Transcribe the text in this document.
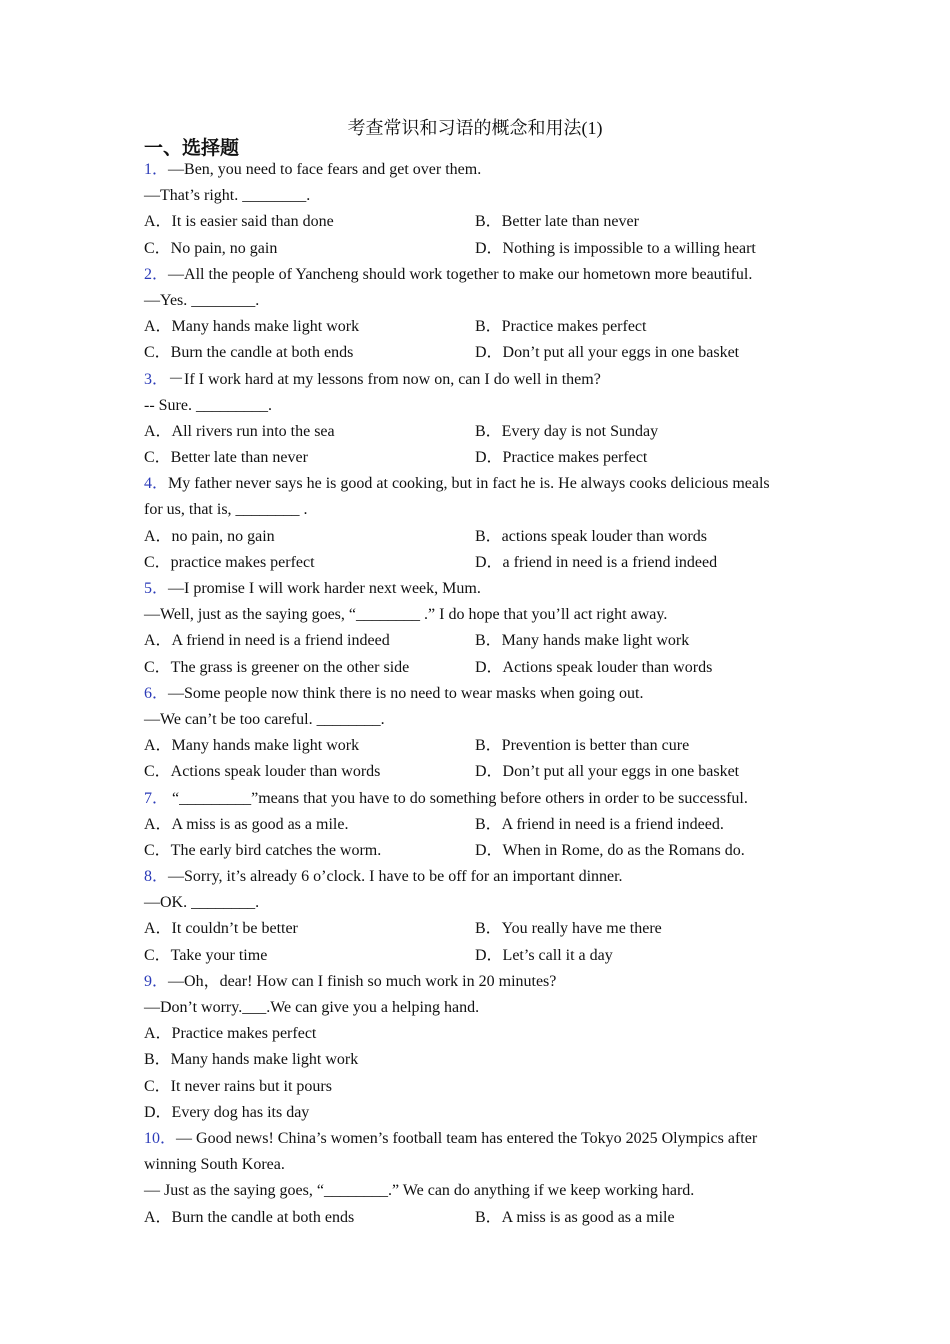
考查常识和习语的概念和用法(1)
一、选择题
1．—Ben, you need to face fears and get over them.
—That’s right. ________.
A．It is easier said than done	B．Better late than never
C．No pain, no gain	D．Nothing is impossible to a willing heart
2．—All the people of Yancheng should work together to make our hometown more beautiful.
—Yes. ________.
A．Many hands make light work	B．Practice makes perfect
C．Burn the candle at both ends	D．Don’t put all your eggs in one basket
3．－If I work hard at my lessons from now on, can I do well in them?
-- Sure. _________.
A．All rivers run into the sea	B．Every day is not Sunday
C．Better late than never	D．Practice makes perfect
4．My father never says he is good at cooking, but in fact he is. He always cooks delicious meals
for us, that is, ________ .
A．no pain, no gain	B．actions speak louder than words
C．practice makes perfect	D．a friend in need is a friend indeed
5．—I promise I will work harder next week, Mum.
—Well, just as the saying goes, “________ .” I do hope that you’ll act right away.
A．A friend in need is a friend indeed	B．Many hands make light work
C．The grass is greener on the other side	D．Actions speak louder than words
6．—Some people now think there is no need to wear masks when going out.
—We can’t be too careful. ________.
A．Many hands make light work	B．Prevention is better than cure
C．Actions speak louder than words	D．Don’t put all your eggs in one basket
7． “_________”means that you have to do something before others in order to be successful.
A．A miss is as good as a mile.	B．A friend in need is a friend indeed.
C．The early bird catches the worm.	D．When in Rome, do as the Romans do.
8．—Sorry, it’s already 6 o’clock. I have to be off for an important dinner.
—OK. ________.
A．It couldn’t be better	B．You really have me there
C．Take your time	D．Let’s call it a day
9．—Oh，dear! How can I finish so much work in 20 minutes?
—Don’t worry.___.We can give you a helping hand.
A．Practice makes perfect
B．Many hands make light work
C．It never rains but it pours
D．Every dog has its day
10．— Good news! China’s women’s football team has entered the Tokyo 2025 Olympics after
winning South Korea.
— Just as the saying goes, “________.” We can do anything if we keep working hard.
A．Burn the candle at both ends	B．A miss is as good as a mile
